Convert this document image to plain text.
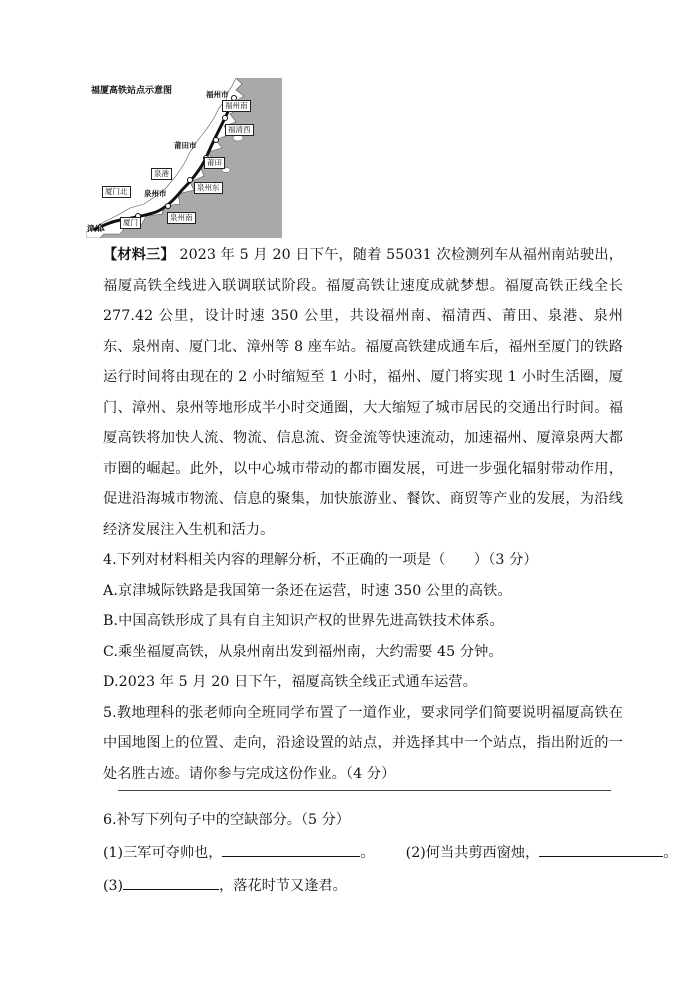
福厦高铁站点示意图	福州市
福州南
福清西
莆田市
莆田
泉港
厦门北	泉州市
泉州东
泉州南
厦门
漳州

【材料三】 2023 年 5 月 20 日下午，随着 55031 次检测列车从福州南站驶出，福厦高铁全线进入联调联试阶段。福厦高铁让速度成就梦想。福厦高铁正线全长 277.42 公里，设计时速 350 公里，共设福州南、福清西、莆田、泉港、泉州东、泉州南、厦门北、漳州等 8 座车站。福厦高铁建成通车后，福州至厦门的铁路运行时间将由现在的 2 小时缩短至 1 小时，福州、厦门将实现 1 小时生活圈，厦门、漳州、泉州等地形成半小时交通圈，大大缩短了城市居民的交通出行时间。福厦高铁将加快人流、物流、信息流、资金流等快速流动，加速福州、厦漳泉两大都市圈的崛起。此外，以中心城市带动的都市圈发展，可进一步强化辐射带动作用，促进沿海城市物流、信息的聚集，加快旅游业、餐饮、商贸等产业的发展，为沿线经济发展注入生机和活力。

4.下列对材料相关内容的理解分析，不正确的一项是（　　）（3 分）

A.京津城际铁路是我国第一条还在运营，时速 350 公里的高铁。

B.中国高铁形成了具有自主知识产权的世界先进高铁技术体系。

C.乘坐福厦高铁，从泉州南出发到福州南，大约需要 45 分钟。

D.2023 年 5 月 20 日下午，福厦高铁全线正式通车运营。

5.教地理科的张老师向全班同学布置了一道作业，要求同学们简要说明福厦高铁在中国地图上的位置、走向，沿途设置的站点，并选择其中一个站点，指出附近的一处名胜古迹。请你参与完成这份作业。（4 分）

6.补写下列句子中的空缺部分。（5 分）
(1)三军可夺帅也，	。 (2)何当共剪西窗烛，	。
(3)	，落花时节又逢君。
